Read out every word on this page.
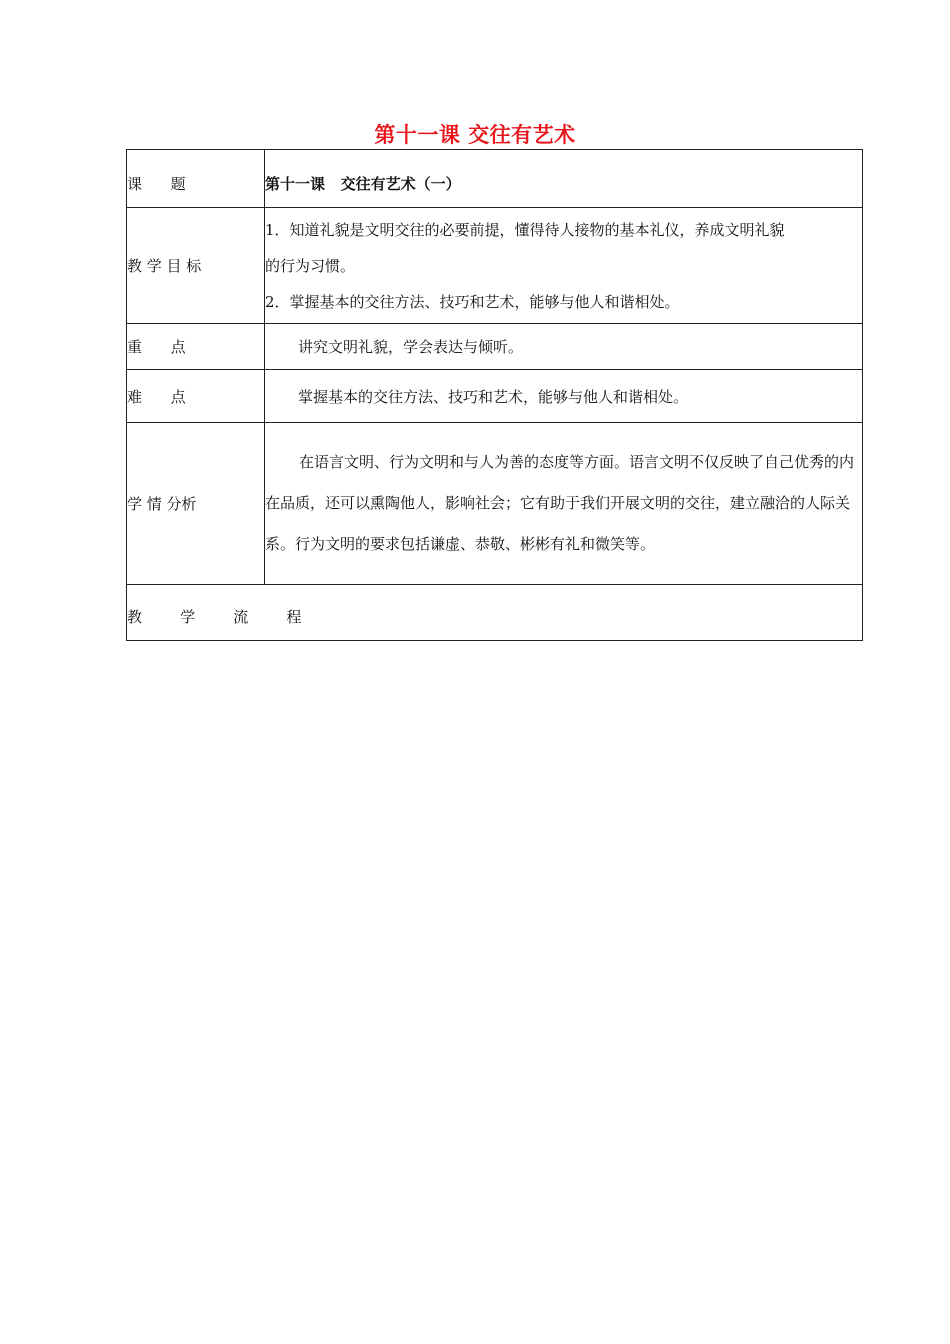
第十一课 交往有艺术
课      题	第十一课   交往有艺术（一）
教 学 目 标	1．知道礼貌是文明交往的必要前提，懂得待人接物的基本礼仪，养成文明礼貌
的行为习惯。
2．掌握基本的交往方法、技巧和艺术，能够与他人和谐相处。

重      点	讲究文明礼貌，学会表达与倾听。

难      点	掌握基本的交往方法、技巧和艺术，能够与他人和谐相处。

学 情 分析	在语言文明、行为文明和与人为善的态度等方面。语言文明不仅反映了自己优秀的内在品质，还可以熏陶他人，影响社会；它有助于我们开展文明的交往，建立融洽的人际关系。行为文明的要求包括谦虚、恭敬、彬彬有礼和微笑等。

教        学        流        程	
